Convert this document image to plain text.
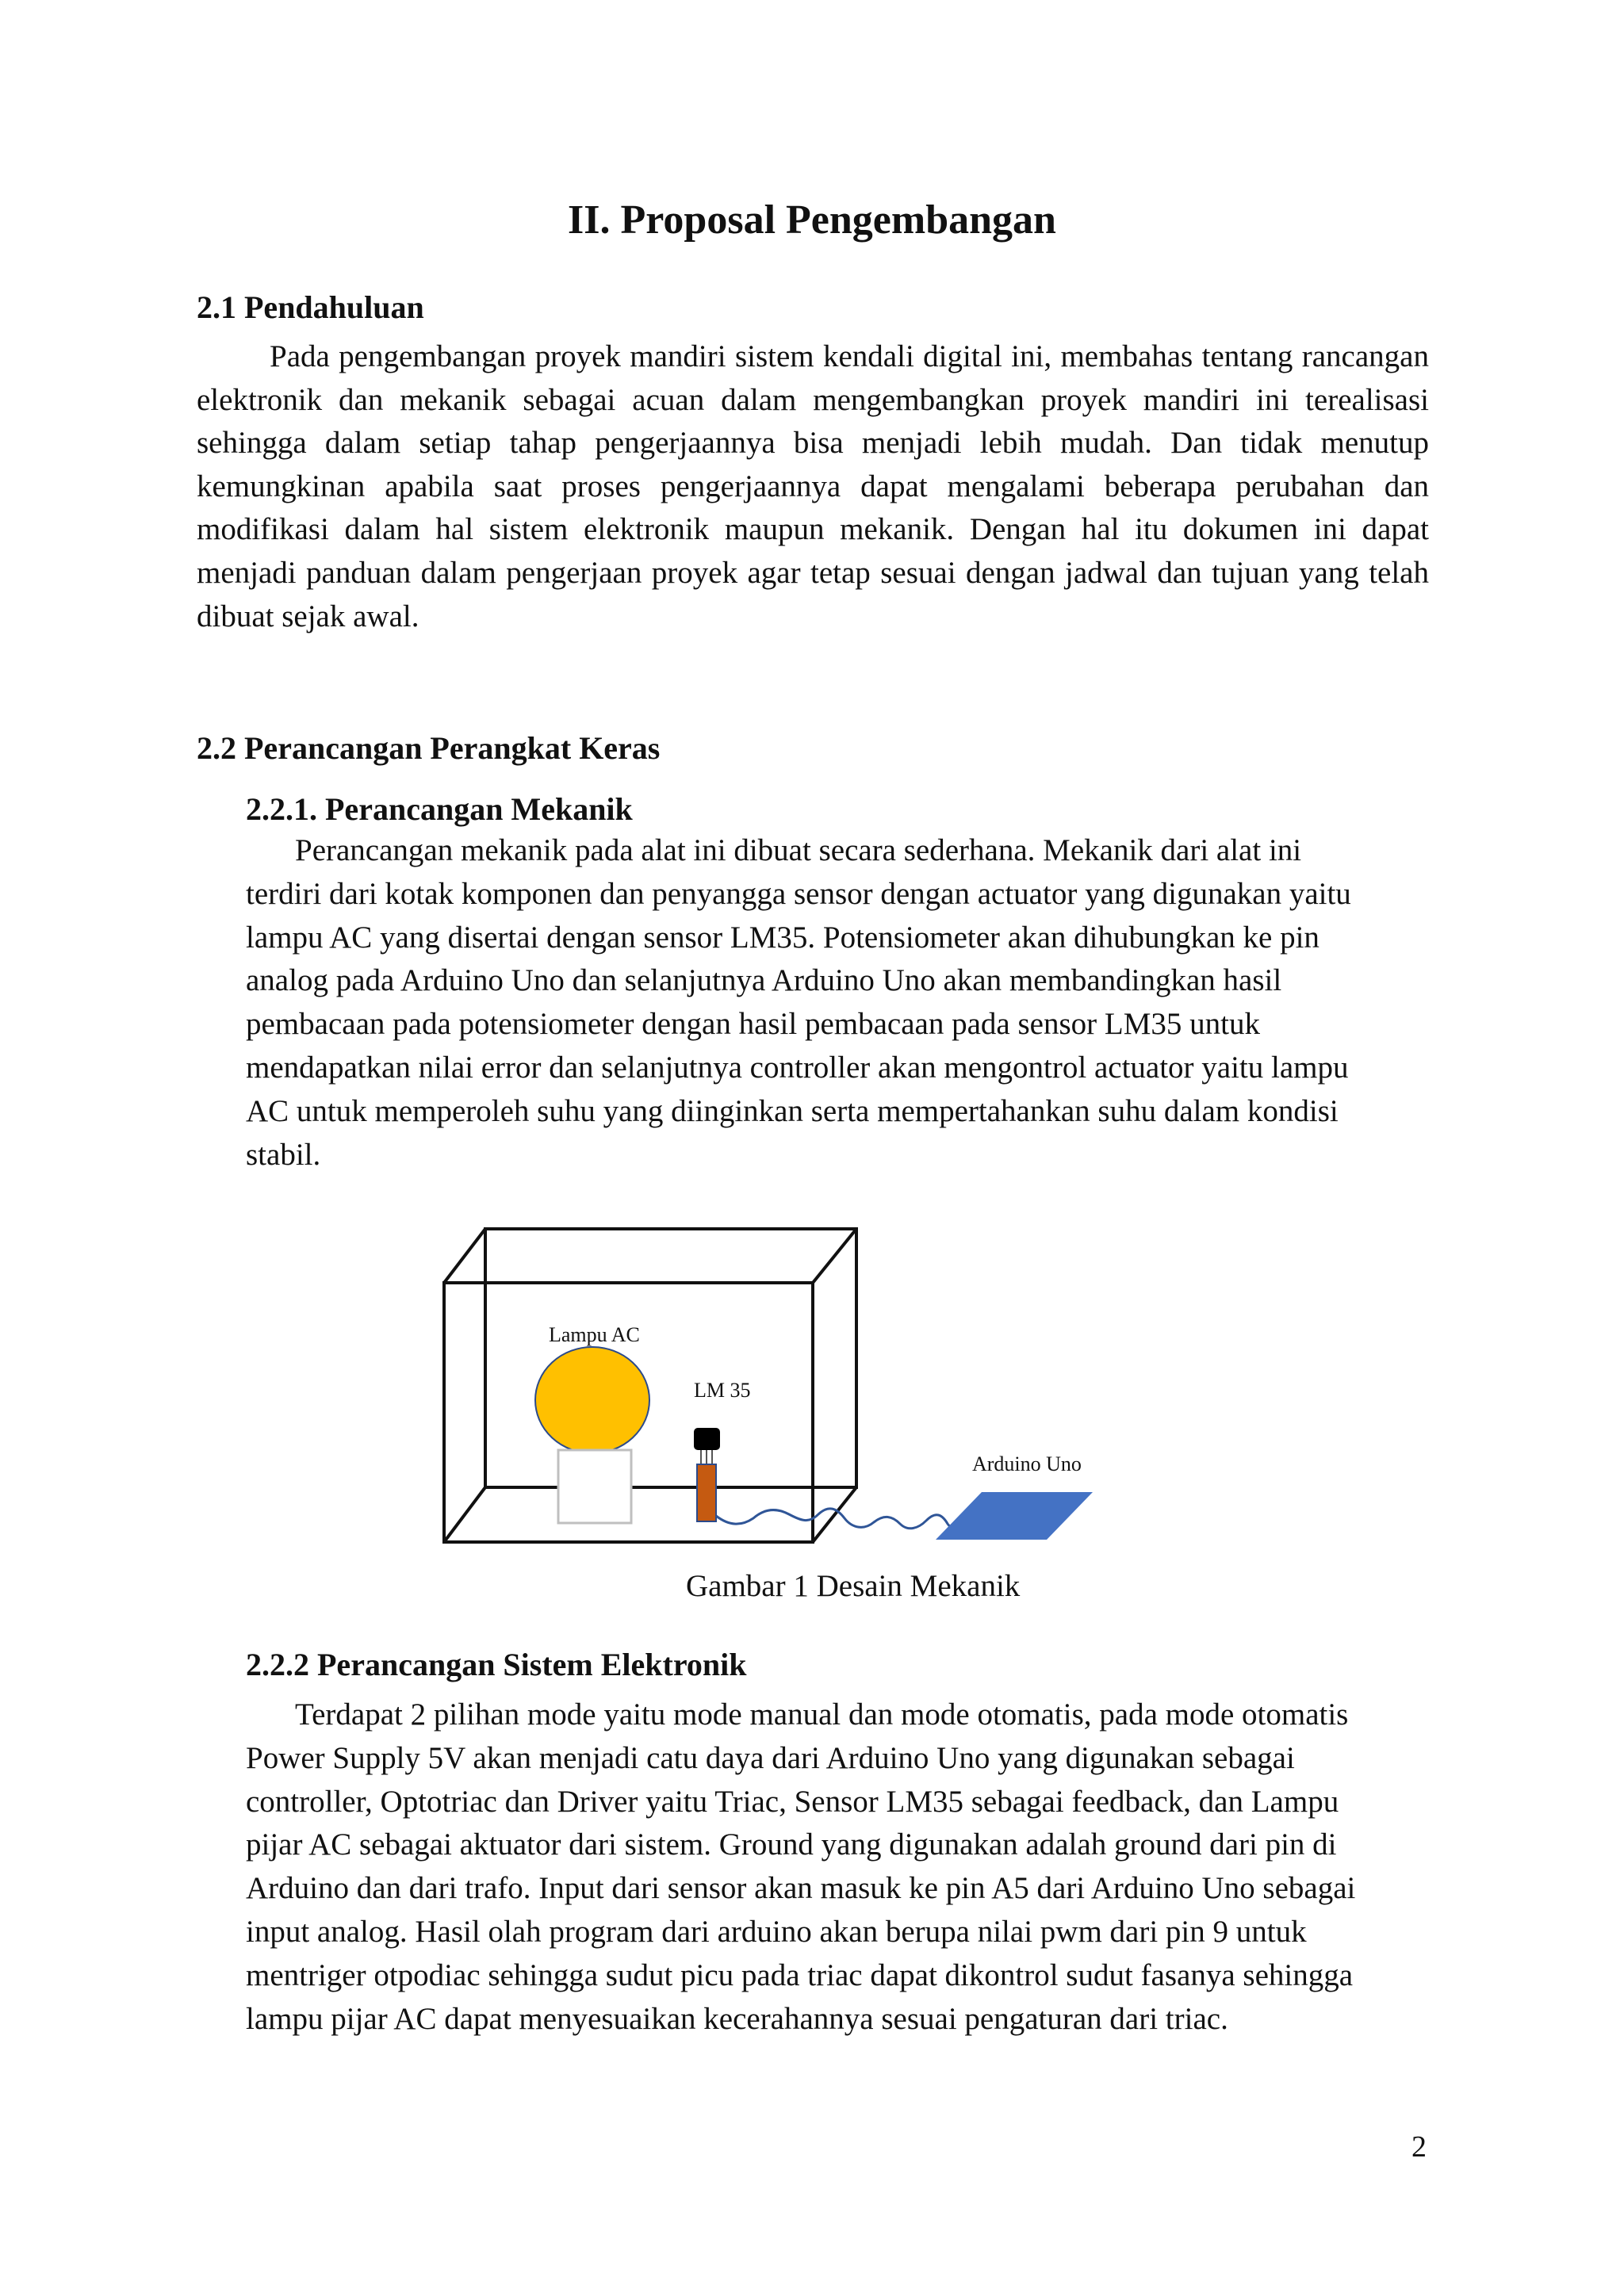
II. Proposal Pengembangan
2.1 Pendahuluan
Pada pengembangan proyek mandiri sistem kendali digital ini, membahas tentang rancangan elektronik dan mekanik sebagai acuan dalam mengembangkan proyek mandiri ini terealisasi sehingga dalam setiap tahap pengerjaannya bisa menjadi lebih mudah. Dan tidak menutup kemungkinan apabila saat proses pengerjaannya dapat mengalami beberapa perubahan dan modifikasi dalam hal sistem elektronik maupun mekanik. Dengan hal itu dokumen ini dapat menjadi panduan dalam pengerjaan proyek agar tetap sesuai dengan jadwal dan tujuan yang telah dibuat sejak awal.
2.2 Perancangan Perangkat Keras
2.2.1. Perancangan Mekanik
Perancangan mekanik pada alat ini dibuat secara sederhana. Mekanik dari alat ini
terdiri dari kotak komponen dan penyangga sensor dengan actuator yang digunakan yaitu
lampu AC yang disertai dengan sensor LM35. Potensiometer akan dihubungkan ke pin
analog pada Arduino Uno dan selanjutnya Arduino Uno akan membandingkan hasil
pembacaan pada potensiometer dengan hasil pembacaan pada sensor LM35 untuk
mendapatkan nilai error dan selanjutnya controller akan mengontrol actuator yaitu lampu
AC untuk memperoleh suhu yang diinginkan serta mempertahankan suhu dalam kondisi
stabil.
Lampu AC
LM 35
Arduino Uno
Gambar 1 Desain Mekanik
2.2.2 Perancangan Sistem Elektronik
Terdapat 2 pilihan mode yaitu mode manual dan mode otomatis, pada mode otomatis
Power Supply 5V akan menjadi catu daya dari Arduino Uno yang digunakan sebagai
controller, Optotriac dan Driver yaitu Triac, Sensor LM35 sebagai feedback, dan Lampu
pijar AC sebagai aktuator dari sistem. Ground yang digunakan adalah ground dari pin di
Arduino dan dari trafo. Input dari sensor akan masuk ke pin A5 dari Arduino Uno sebagai
input analog. Hasil olah program dari arduino akan berupa nilai pwm dari pin 9 untuk
mentriger otpodiac sehingga sudut picu pada triac dapat dikontrol sudut fasanya sehingga
lampu pijar AC dapat menyesuaikan kecerahannya sesuai pengaturan dari triac.
2
